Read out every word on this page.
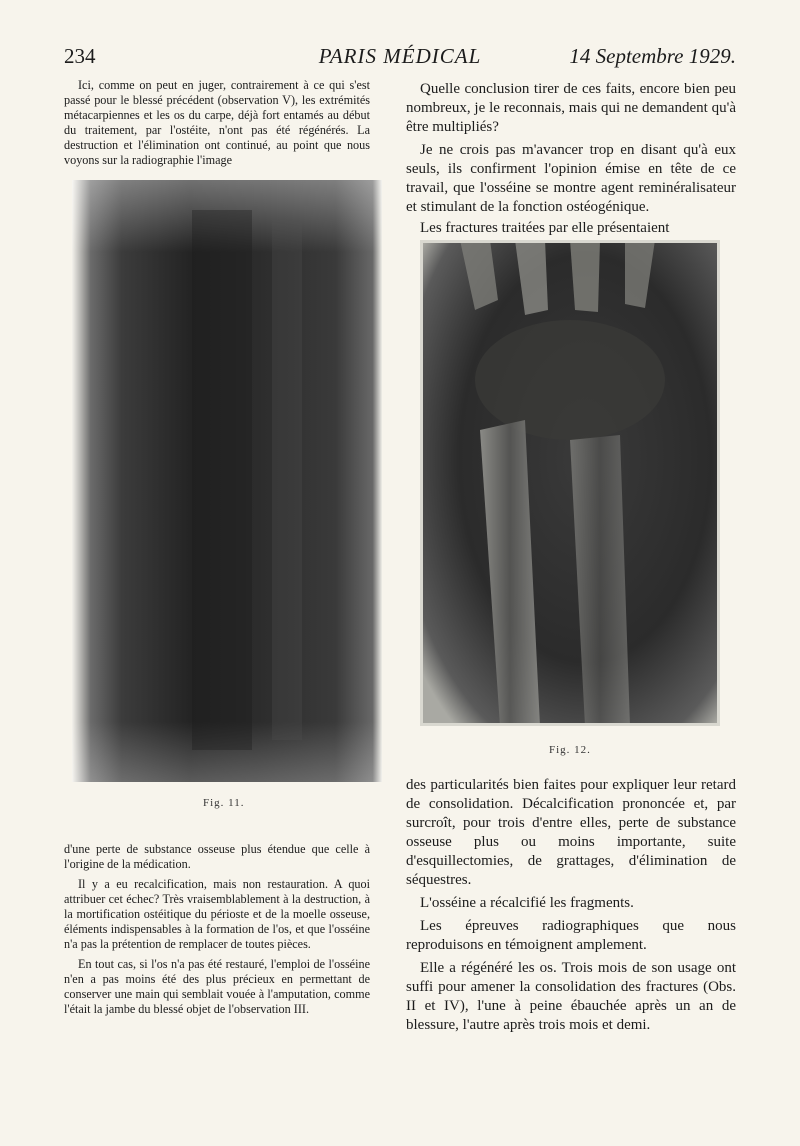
234	PARIS MÉDICAL	14 Septembre 1929.

Ici, comme on peut en juger, contrairement à ce qui s'est passé pour le blessé précédent (observation V), les extrémités métacarpiennes et les os du carpe, déjà fort entamés au début du traitement, par l'ostéite, n'ont pas été régénérés. La destruction et l'élimination ont continué, au point que nous voyons sur la radiographie l'image

Fig. 11.

d'une perte de substance osseuse plus étendue que celle à l'origine de la médication.

Il y a eu recalcification, mais non restauration. A quoi attribuer cet échec? Très vraisemblablement à la destruction, à la mortification ostéitique du périoste et de la moelle osseuse, éléments indispensables à la formation de l'os, et que l'osséine n'a pas la prétention de remplacer de toutes pièces.

En tout cas, si l'os n'a pas été restauré, l'emploi de l'osséine n'en a pas moins été des plus précieux en permettant de conserver une main qui semblait vouée à l'amputation, comme l'était la jambe du blessé objet de l'observation III.

Quelle conclusion tirer de ces faits, encore bien peu nombreux, je le reconnais, mais qui ne demandent qu'à être multipliés?

Je ne crois pas m'avancer trop en disant qu'à eux seuls, ils confirment l'opinion émise en tête de ce travail, que l'osséine se montre agent reminéralisateur et stimulant de la fonction ostéogénique.

Les fractures traitées par elle présentaient

Fig. 12.

des particularités bien faites pour expliquer leur retard de consolidation. Décalcification prononcée et, par surcroît, pour trois d'entre elles, perte de substance osseuse plus ou moins importante, suite d'esquillectomies, de grattages, d'élimination de séquestres.

L'osséine a récalcifié les fragments.

Les épreuves radiographiques que nous reproduisons en témoignent amplement.

Elle a régénéré les os. Trois mois de son usage ont suffi pour amener la consolidation des fractures (Obs. II et IV), l'une à peine ébauchée après un an de blessure, l'autre après trois mois et demi.
